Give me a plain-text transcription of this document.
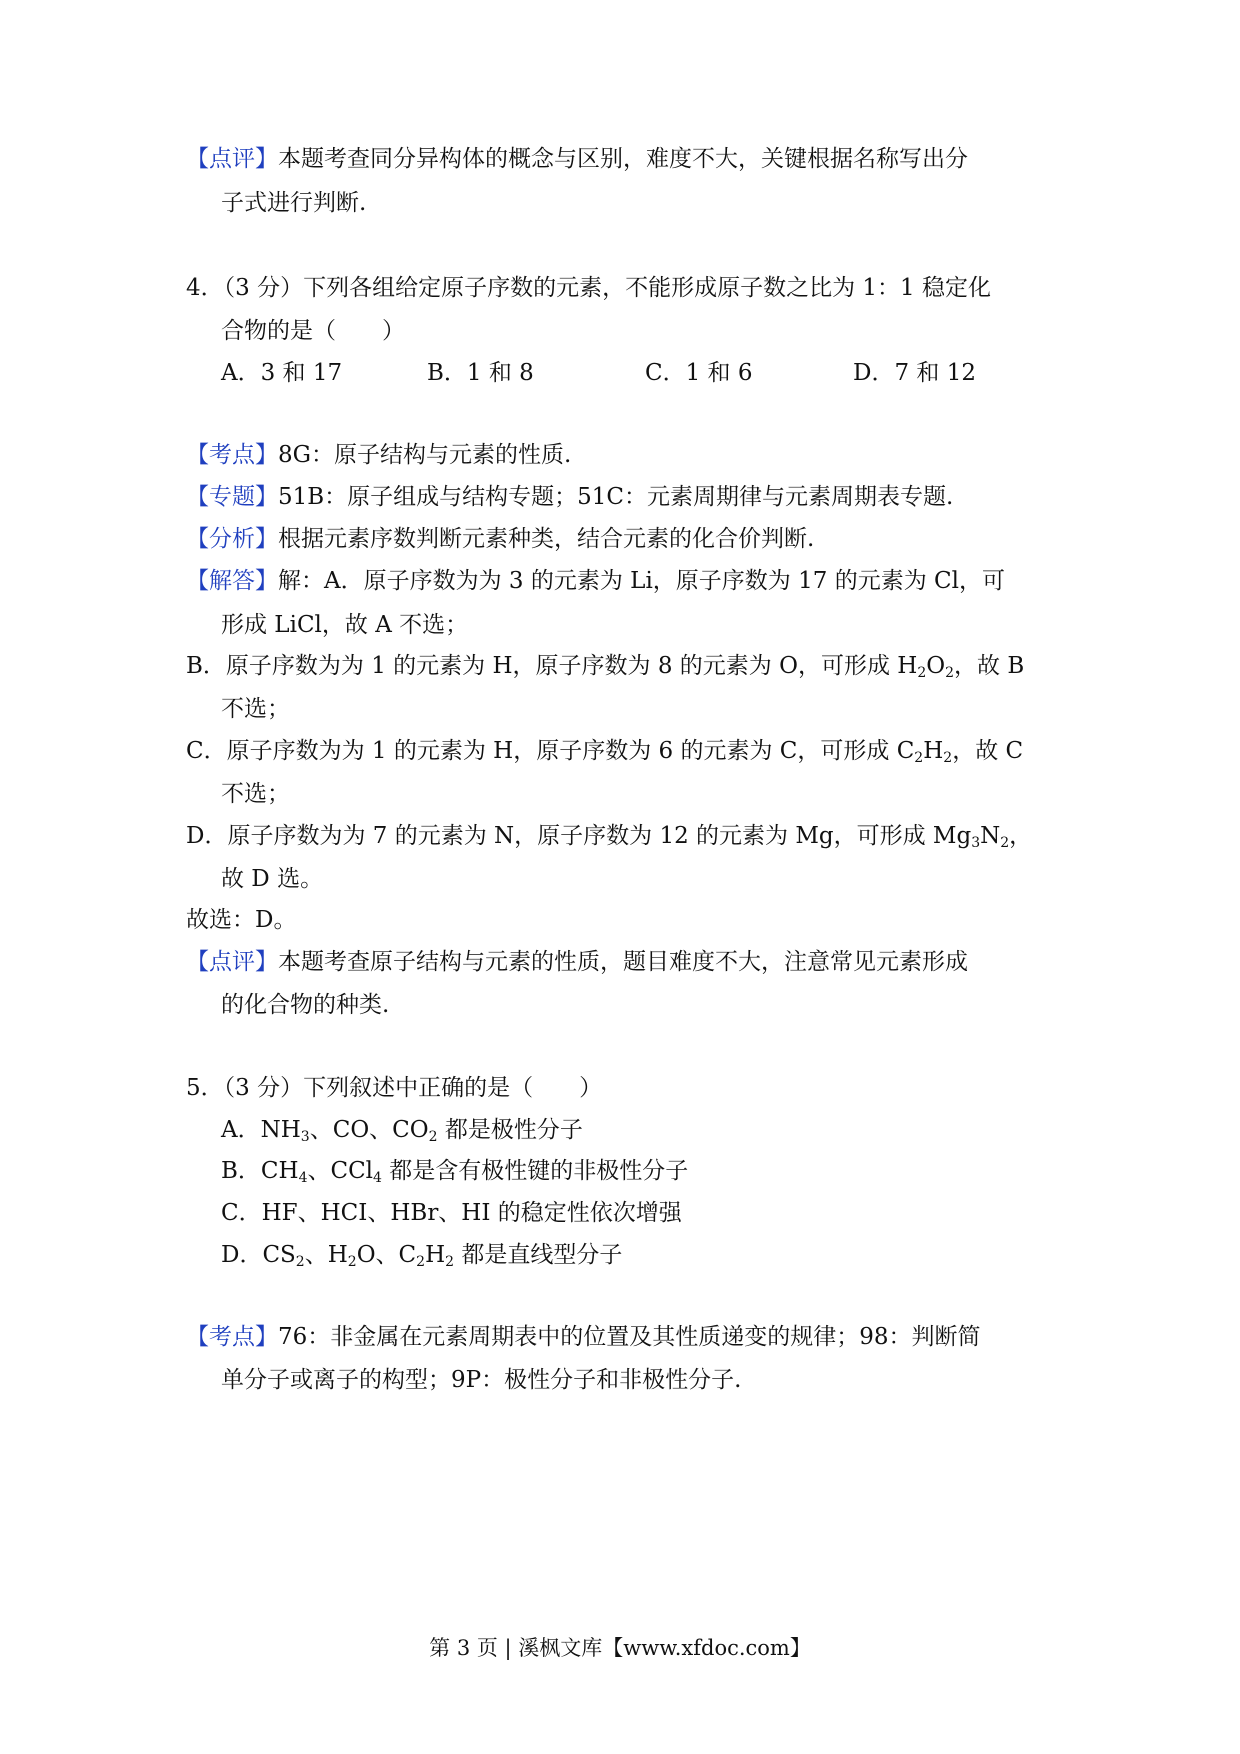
【点评】本题考查同分异构体的概念与区别，难度不大，关键根据名称写出分
子式进行判断.
4．（3 分）下列各组给定原子序数的元素，不能形成原子数之比为 1：1 稳定化
合物的是（　　）
A．3 和 17	B．1 和 8	C．1 和 6	D．7 和 12
【考点】8G：原子结构与元素的性质.
【专题】51B：原子组成与结构专题；51C：元素周期律与元素周期表专题.
【分析】根据元素序数判断元素种类，结合元素的化合价判断.
【解答】解：A．原子序数为为 3 的元素为 Li，原子序数为 17 的元素为 Cl，可
形成 LiCl，故 A 不选；
B．原子序数为为 1 的元素为 H，原子序数为 8 的元素为 O，可形成 $H_2O_2$，故 B
不选；
C．原子序数为为 1 的元素为 H，原子序数为 6 的元素为 C，可形成 $C_2H_2$，故 C
不选；
D．原子序数为为 7 的元素为 N，原子序数为 12 的元素为 Mg，可形成 $Mg_3N_2$，
故 D 选。
故选：D。
【点评】本题考查原子结构与元素的性质，题目难度不大，注意常见元素形成
的化合物的种类.
5．（3 分）下列叙述中正确的是（　　）
A．$NH_3$、CO、$CO_2$ 都是极性分子
B．$CH_4$、CCl$_4$ 都是含有极性键的非极性分子
C．HF、HCI、HBr、HI 的稳定性依次增强
D．$CS_2$、$H_2O$、$C_2H_2$ 都是直线型分子
【考点】76：非金属在元素周期表中的位置及其性质递变的规律；98：判断简
单分子或离子的构型；9P：极性分子和非极性分子.
第 3 页 | 溪枫文库【www.xfdoc.com】
